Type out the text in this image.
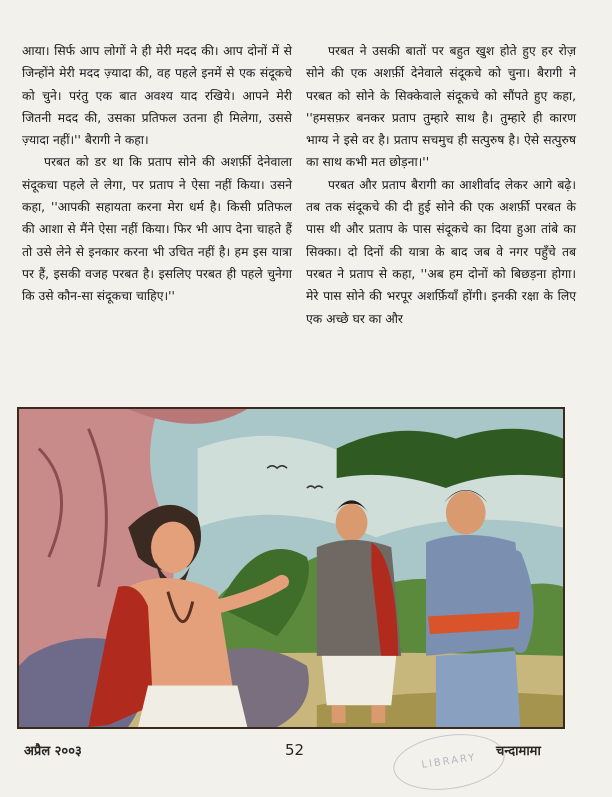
आया। सिर्फ आप लोगों ने ही मेरी मदद की। आप दोनों में से जिन्होंने मेरी मदद ज़्यादा की, वह पहले इनमें से एक संदूकचे को चुने। परंतु एक बात अवश्य याद रखिये। आपने मेरी जितनी मदद की, उसका प्रतिफल उतना ही मिलेगा, उससे ज़्यादा नहीं।'' बैरागी ने कहा।

परबत को डर था कि प्रताप सोने की अशर्फ़ी देनेवाला संदूकचा पहले ले लेगा, पर प्रताप ने ऐसा नहीं किया। उसने कहा, ''आपकी सहायता करना मेरा धर्म है। किसी प्रतिफल की आशा से मैंने ऐसा नहीं किया। फिर भी आप देना चाहते हैं तो उसे लेने से इनकार करना भी उचित नहीं है। हम इस यात्रा पर हैं, इसकी वजह परबत है। इसलिए परबत ही पहले चुनेगा कि उसे कौन-सा संदूकचा चाहिए।''

परबत ने उसकी बातों पर बहुत खुश होते हुए हर रोज़ सोने की एक अशर्फ़ी देनेवाले संदूकचे को चुना। बैरागी ने परबत को सोने के सिक्केवाले संदूकचे को सौंपते हुए कहा, ''हमसफ़र बनकर प्रताप तुम्हारे साथ है। तुम्हारे ही कारण भाग्य ने इसे वर है। प्रताप सचमुच ही सत्पुरुष है। ऐसे सत्पुरुष का साथ कभी मत छोड़ना।''

परबत और प्रताप बैरागी का आशीर्वाद लेकर आगे बढ़े। तब तक संदूकचे की दी हुई सोने की एक अशर्फ़ी परबत के पास थी और प्रताप के पास संदूकचे का दिया हुआ तांबे का सिक्का। दो दिनों की यात्रा के बाद जब वे नगर पहुँचे तब परबत ने प्रताप से कहा, ''अब हम दोनों को बिछड़ना होगा। मेरे पास सोने की भरपूर अशर्फ़ियाँ होंगी। इनकी रक्षा के लिए एक अच्छे घर का और

अप्रैल २००३	52
LIBRARY
चन्दामामा
